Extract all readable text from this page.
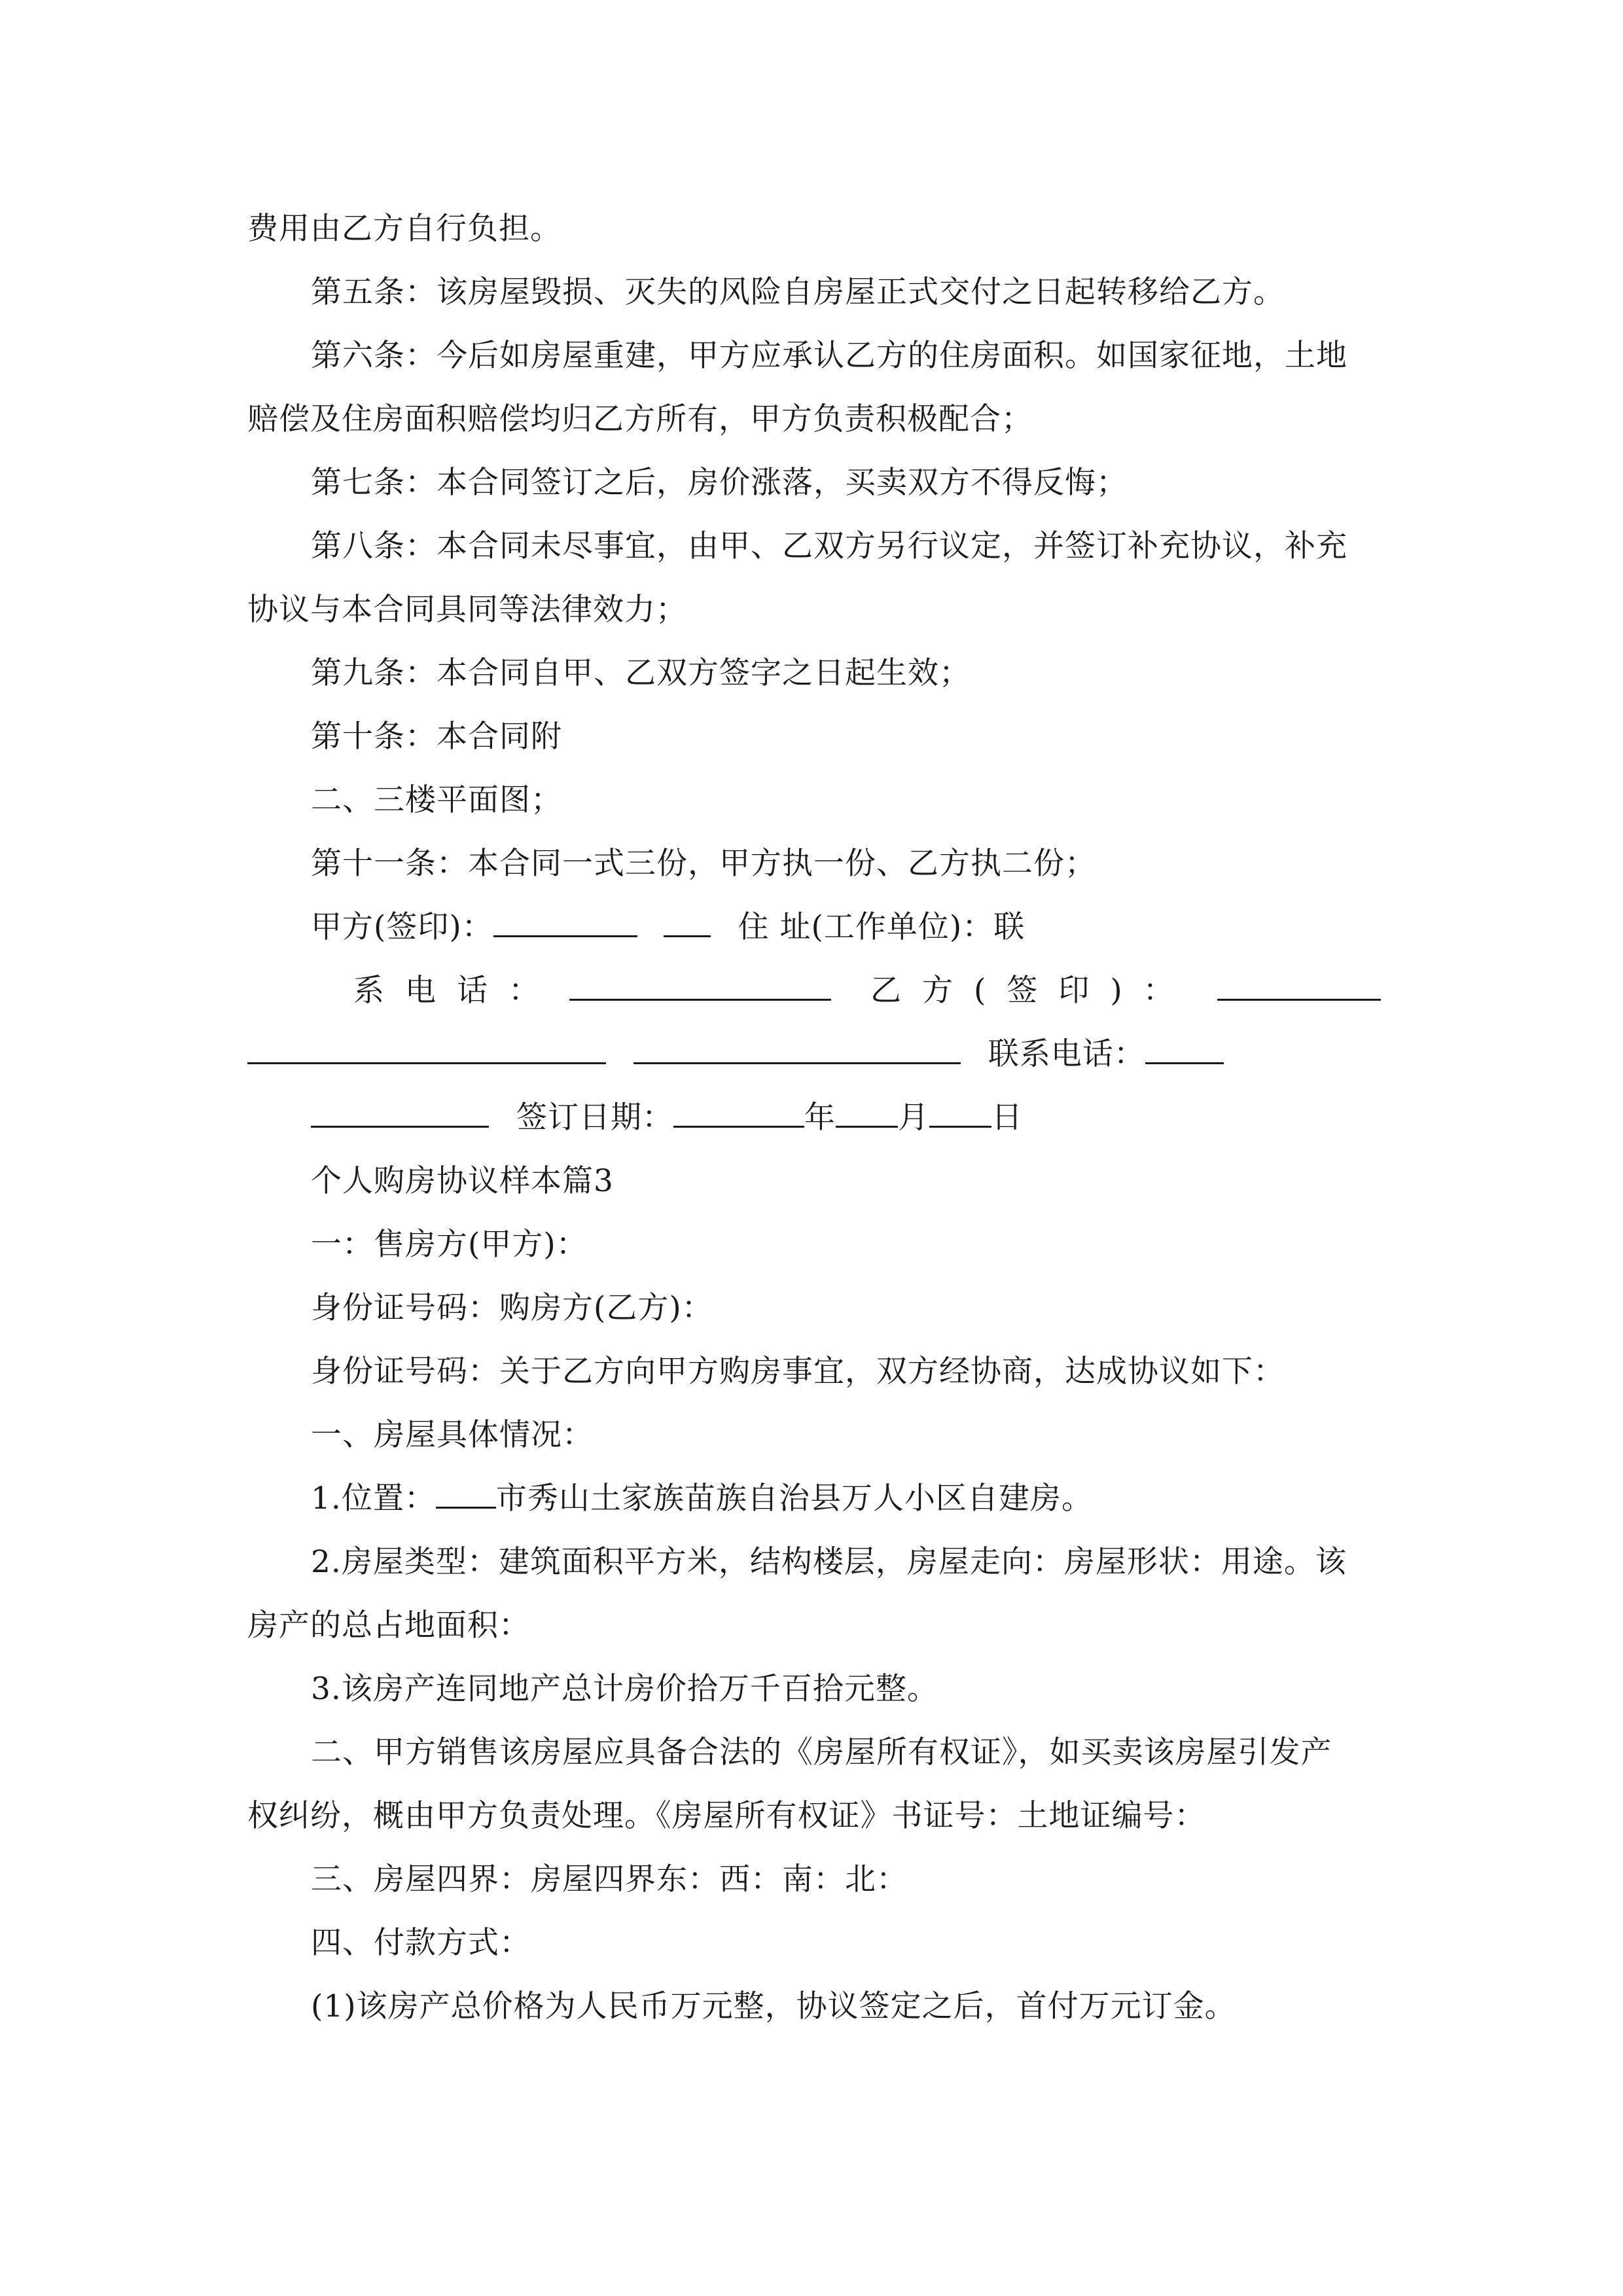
费用由乙方自行负担。
第五条：该房屋毁损、灭失的风险自房屋正式交付之日起转移给乙方。
第六条：今后如房屋重建，甲方应承认乙方的住房面积。如国家征地，土地
赔偿及住房面积赔偿均归乙方所有，甲方负责积极配合；
第七条：本合同签订之后，房价涨落，买卖双方不得反悔；
第八条：本合同未尽事宜，由甲、乙双方另行议定，并签订补充协议，补充
协议与本合同具同等法律效力；
第九条：本合同自甲、乙双方签字之日起生效；
第十条：本合同附
二、三楼平面图；
第十一条：本合同一式三份，甲方执一份、乙方执二份；
甲方(签印)：	住 址(工作单位)：联
系电话：	乙方(签印)：
联系电话：
签订日期：	年 月 日
个人购房协议样本篇3
一：售房方(甲方)：
身份证号码：购房方(乙方)：
身份证号码：关于乙方向甲方购房事宜，双方经协商，达成协议如下：
一、房屋具体情况：
1.位置： 市秀山土家族苗族自治县万人小区自建房。
2.房屋类型：建筑面积平方米，结构楼层，房屋走向：房屋形状：用途。该
房产的总占地面积：
3.该房产连同地产总计房价拾万千百拾元整。
二、甲方销售该房屋应具备合法的《房屋所有权证》，如买卖该房屋引发产
权纠纷，概由甲方负责处理。《房屋所有权证》书证号：土地证编号：
三、房屋四界：房屋四界东：西：南：北：
四、付款方式：
(1)该房产总价格为人民币万元整，协议签定之后，首付万元订金。
